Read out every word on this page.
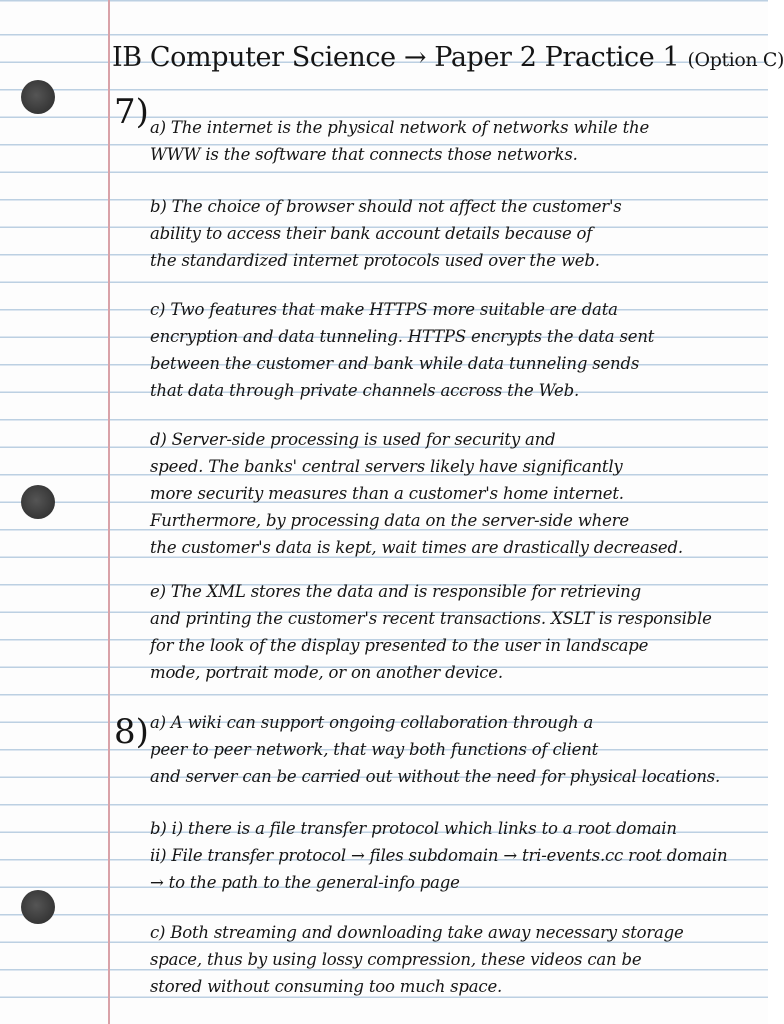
IB Computer Science → Paper 2 Practice 1 (Option C)
7) a) The internet is the physical network of networks while the
WWW is the software that connects those networks.
b) The choice of browser should not affect the customer's
ability to access their bank account details because of
the standardized internet protocols used over the web.
c) Two features that make HTTPS more suitable are data
encryption and data tunneling. HTTPS encrypts the data sent
between the customer and bank while data tunneling sends
that data through private channels accross the Web.
d) Server-side processing is used for security and
speed. The banks' central servers likely have significantly
more security measures than a customer's home internet.
Furthermore, by processing data on the server-side where
the customer's data is kept, wait times are drastically decreased.
e) The XML stores the data and is responsible for retrieving
and printing the customer's recent transactions. XSLT is responsible
for the look of the display presented to the user in landscape
mode, portrait mode, or on another device.
8) a) A wiki can support ongoing collaboration through a
peer to peer network, that way both functions of client
and server can be carried out without the need for physical locations.
b) i) there is a file transfer protocol which links to a root domain
ii) File transfer protocol → files subdomain → tri-events.cc root domain
→ to the path to the general-info page
c) Both streaming and downloading take away necessary storage
space, thus by using lossy compression, these videos can be
stored without consuming too much space.
